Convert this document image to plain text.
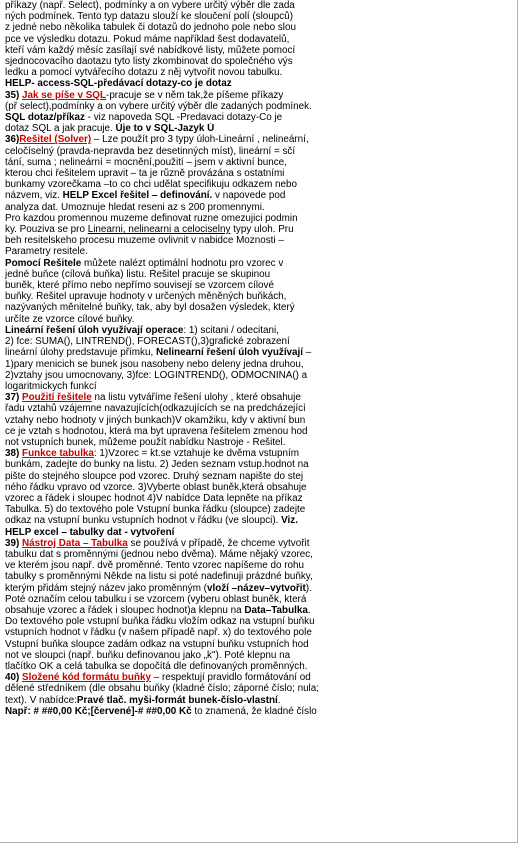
příkazy (např. Select), podmínky a on vybere určitý výběr dle zada

ných podmínek. Tento typ datazu slouží ke sloučení polí (sloupců)

z jedné nebo několika tabulek či dotazů do jednoho pole nebo slou

pce ve výsledku dotazu. Pokud máme například šest dodavatelů,

kteří vám každý měsíc zasílají své nabídkové listy, můžete pomocí

sjednocovacího daotazu tyto listy zkombinovat do společného výs

ledku a pomocí vytvářecího dotazu z něj vytvořit novou tabulku.

HELP- access-SQL-předávací dotazy-co je dotaz

35) Jak se píše v SQL-pracuje se v něm tak,že píšeme příkazy

(př select),podmínky a on vybere určitý výběr dle zadaných podmínek.

SQL dotaz/příkaz - viz napoveda SQL -Predavaci dotazy-Co je

dotaz SQL a jak pracuje. Ůje to v SQL-Jazyk Ů

36)Řešitel (Solver) – Lze použít pro 3 typy úloh-Lineární , nelineární,

celočíselný (pravda-nepravda bez desetinných míst), lineární = sčí

tání, suma ; nelineární = mocnění,použití – jsem v aktivní bunce,

kterou chci řešitelem upravit – ta je různě provázána s ostatními

bunkamy vzorečkama –to co chci udělat specifikuju odkazem nebo

názvem, viz. HELP Excel řešitel – definování. v napovede pod

analyza dat. Umoznuje hledat reseni az s 200 promennymi.

Pro kazdou promennou muzeme definovat ruzne omezujici podmin

ky. Pouziva se pro Linearni, nelinearni a celociselny typy uloh. Pru

beh resitelskeho procesu muzeme ovlivnit v nabidce Moznosti –

Parametry resitele.

Pomocí Řešitele můžete nalézt optimální hodnotu pro vzorec v

jedné buňce (cílová buňka) listu. Řešitel pracuje se skupinou

buněk, které přímo nebo nepřímo souvisejí se vzorcem cílové

buňky. Řešitel upravuje hodnoty v určených měněných buňkách,

nazývaných měnitelné buňky, tak, aby byl dosažen výsledek, který

určíte ze vzorce cílové buňky.

Lineární řešení úloh využívají operace: 1) scitani / odecitani,

2) fce: SUMA(), LINTREND(), FORECAST(),3)grafické zobrazení

lineární úlohy predstavuje přímku, Nelinearní řešení úloh využívají –

1)pary menicich se bunek jsou nasobeny nebo deleny jedna druhou,

2)vztahy jsou umocnovany, 3)fce: LOGINTREND(), ODMOCNINA() a

logaritmickych funkcí

37) Použití řešitele na listu vytváříme řešení ulohy , které obsahuje

řadu vztahů vzájemne navazujících(odkazujících se na predcházející

vztahy nebo hodnoty v jiných bunkach)V okamžiku, kdy v aktivní bun

ce je vztah s hodnotou, která ma byt upravena řešitelem zmenou hod

not vstupních bunek, můžeme použít nabídku Nastroje - Řešitel.

38) Funkce tabulka: 1)Vzorec = kt.se vztahuje ke dvěma vstupním

bunkám, zadejte do bunky na listu. 2) Jeden seznam vstup.hodnot na

pište do stejného sloupce pod vzorec. Druhý seznam napište do stej

ného řádku vpravo od vzorce. 3)Vyberte oblast buněk,která obsahuje

vzorec a řádek i sloupec hodnot 4)V nabídce Data lepněte na příkaz

Tabulka. 5) do textového pole Vstupní bunka řádku (sloupce) zadejte

odkaz na vstupní bunku vstupních hodnot v řádku (ve sloupci). Viz.

HELP excel – tabulky dat - vytvoření

39) Nástroj Data – Tabulka se používá v případě, že chceme vytvořit

tabulku dat s proměnnými (jednou nebo dvěma). Máme nějaký vzorec,

ve kterém jsou např. dvě proměnné. Tento vzorec napíšeme do rohu

tabulky s proměnnými Někde na listu si poté nadefinuji prázdné buňky,

kterým přidám stejný název jako proměnným (vloží –název–vytvořit).

Poté označím celou tabulku i se vzorcem (vyberu oblast buněk, která

obsahuje vzorec a řádek i sloupec hodnot)a klepnu na Data–Tabulka.

Do textového pole vstupní buňka řádku vložím odkaz na vstupní buňku

vstupních hodnot v řádku (v našem případě např. x) do textového pole

Vstupní buňka sloupce zadám odkaz na vstupní buňku vstupních hod

not ve sloupci (např. buňku definovanou jako „k"). Poté klepnu na

tlačítko OK a celá tabulka se dopočítá dle definovaných proměnných.

40) Složené kód formátu buňky – respektují pravidlo formátování od

dělené středníkem (dle obsahu buňky (kladné číslo; záporné číslo; nula;

text). V nabídce:Pravé tlač. myši-formát bunek-číslo-vlastní.

Např: # ##0,00 Kč;[červené]-# ##0,00 Kč to znamená, že kladné číslo
